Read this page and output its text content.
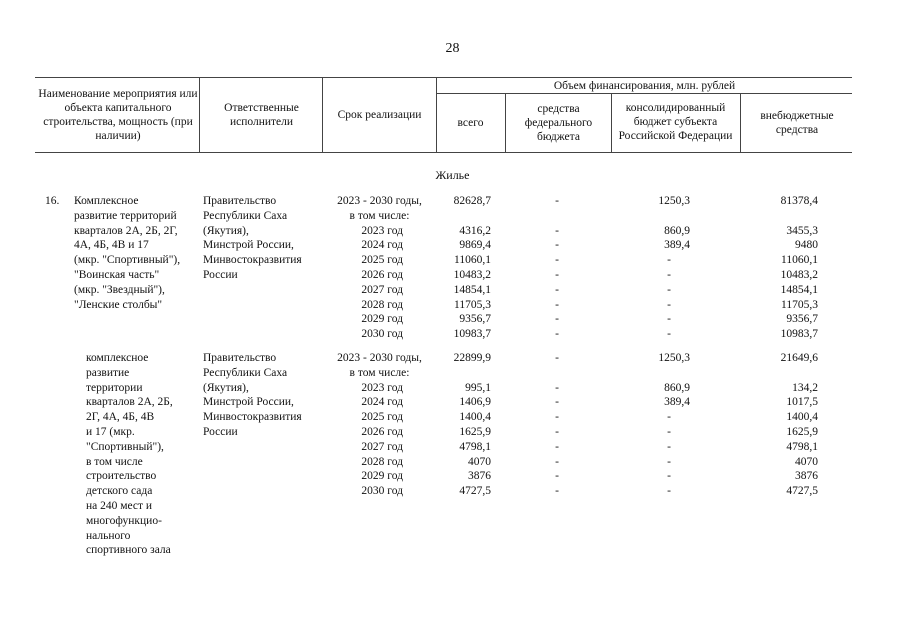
28
Наименование мероприятия или объекта капитального строительства, мощность (при наличии)
Ответственные исполнители
Срок реализации
Объем финансирования, млн. рублей
всего
средства федерального бюджета
консолидированный бюджет субъекта Российской Федерации
внебюджетные средства
Жилье
16. Комплексное
развитие территорий
кварталов 2А, 2Б, 2Г,
4А, 4Б, 4В и 17
(мкр. "Спортивный"),
"Воинская часть"
(мкр. "Звездный"),
"Ленские столбы"
Правительство
Республики Саха
(Якутия),
Минстрой России,
Минвостокразвития
России
2023 - 2030 годы,
в том числе:
2023 год
2024 год
2025 год
2026 год
2027 год
2028 год
2029 год
2030 год
82628,7
4316,2
9869,4
11060,1
10483,2
14854,1
11705,3
9356,7
10983,7
-
-
-
-
-
-
-
-
-
1250,3
860,9
389,4
-
-
-
-
-
-
81378,4
3455,3
9480
11060,1
10483,2
14854,1
11705,3
9356,7
10983,7
комплексное
развитие
территории
кварталов 2А, 2Б,
2Г, 4А, 4Б, 4В
и 17 (мкр.
"Спортивный"),
в том числе
строительство
детского сада
на 240 мест и
многофункцио-
нального
спортивного зала
Правительство
Республики Саха
(Якутия),
Минстрой России,
Минвостокразвития
России
2023 - 2030 годы,
в том числе:
2023 год
2024 год
2025 год
2026 год
2027 год
2028 год
2029 год
2030 год
22899,9
995,1
1406,9
1400,4
1625,9
4798,1
4070
3876
4727,5
-
-
-
-
-
-
-
-
-
1250,3
860,9
389,4
-
-
-
-
-
-
21649,6
134,2
1017,5
1400,4
1625,9
4798,1
4070
3876
4727,5
